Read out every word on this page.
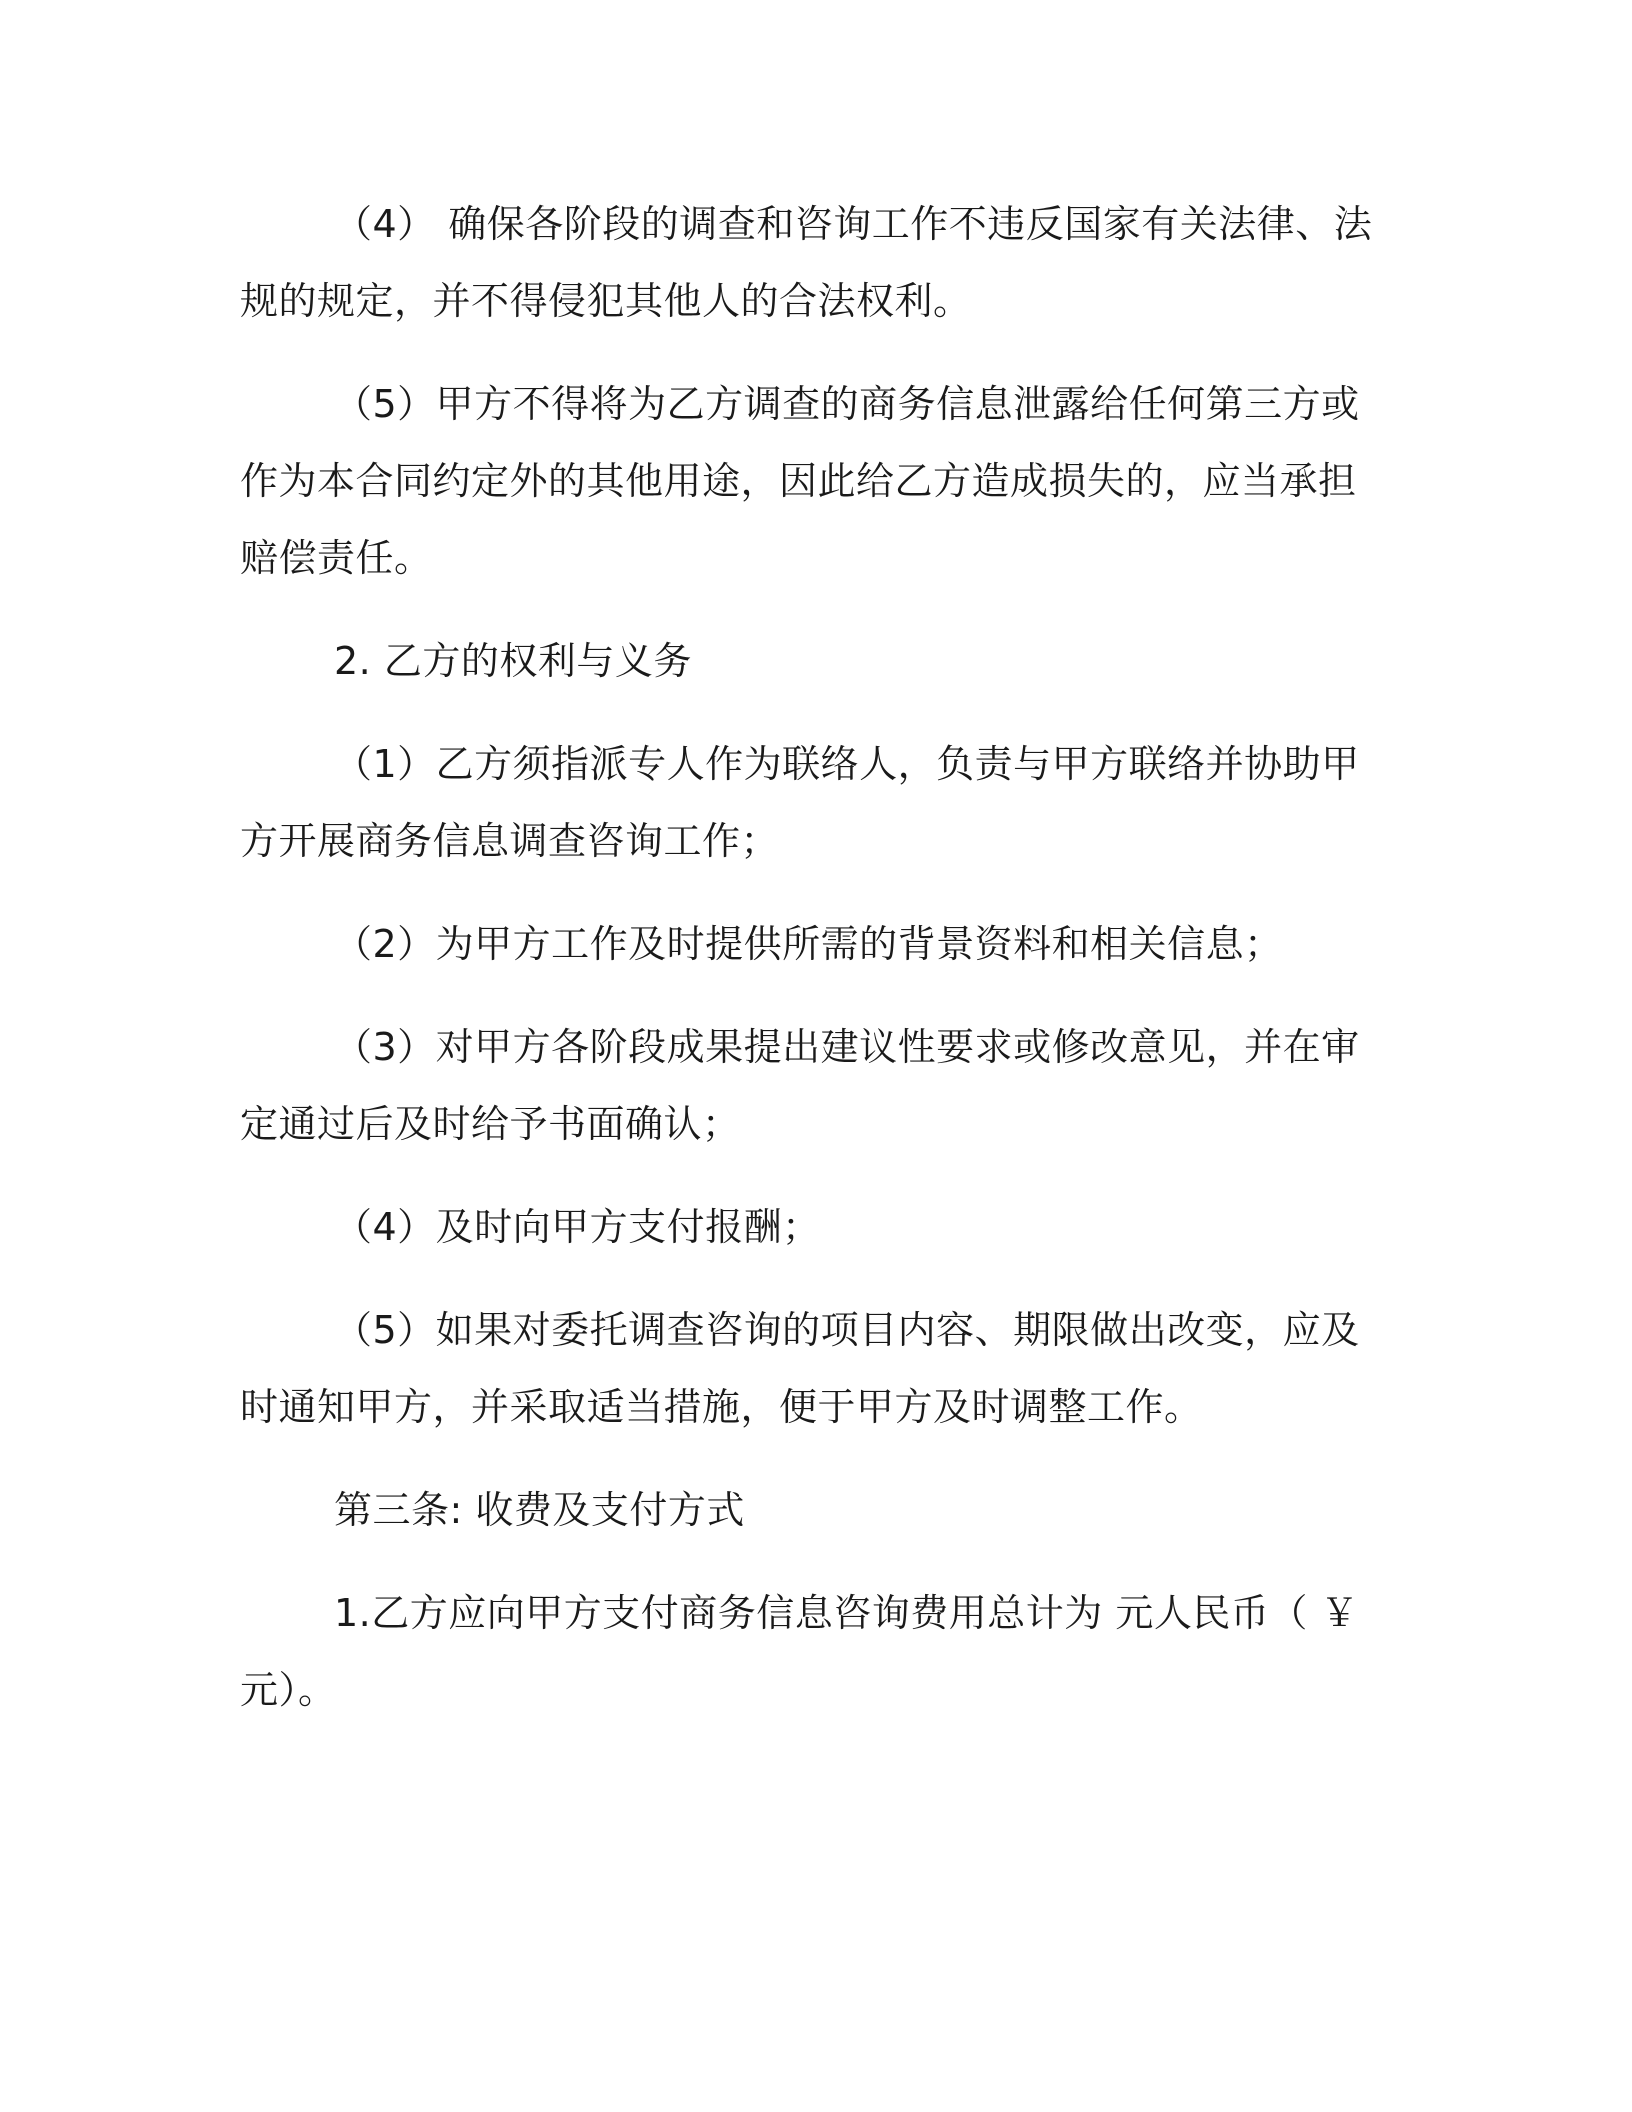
（4） 确保各阶段的调查和咨询工作不违反国家有关法律、法规的规定，并不得侵犯其他人的合法权利。

（5）甲方不得将为乙方调查的商务信息泄露给任何第三方或作为本合同约定外的其他用途，因此给乙方造成损失的，应当承担赔偿责任。

2. 乙方的权利与义务

（1）乙方须指派专人作为联络人，负责与甲方联络并协助甲方开展商务信息调查咨询工作；

（2）为甲方工作及时提供所需的背景资料和相关信息；

（3）对甲方各阶段成果提出建议性要求或修改意见，并在审定通过后及时给予书面确认；

（4）及时向甲方支付报酬；

（5）如果对委托调查咨询的项目内容、期限做出改变，应及时通知甲方，并采取适当措施，便于甲方及时调整工作。

第三条: 收费及支付方式

1.乙方应向甲方支付商务信息咨询费用总计为 元人民币（ ￥ 元）。
